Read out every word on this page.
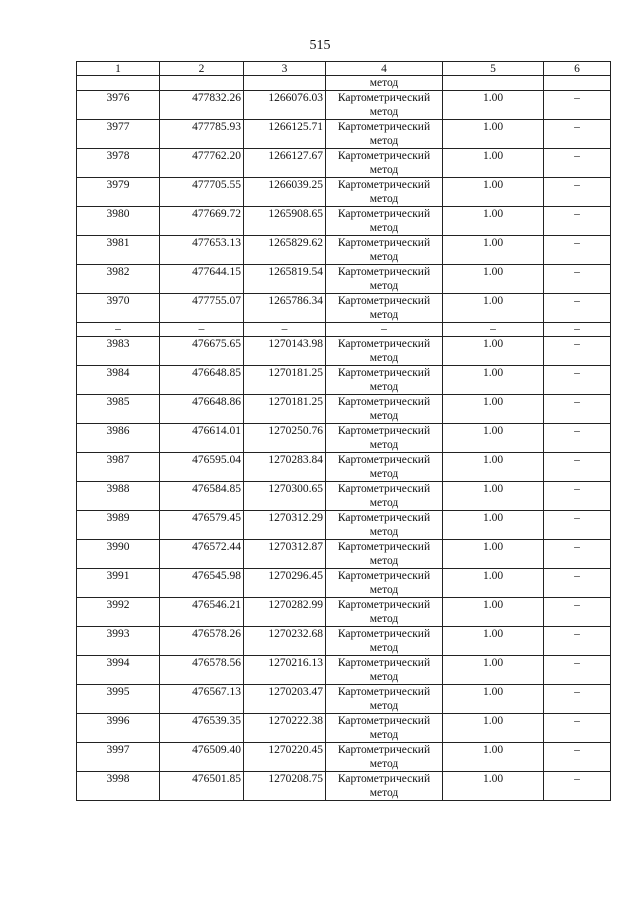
515
1	2	3	4	5	6
			метод		
3976	477832.26	1266076.03	Картометрический
метод	1.00	–
3977	477785.93	1266125.71	Картометрический
метод	1.00	–
3978	477762.20	1266127.67	Картометрический
метод	1.00	–
3979	477705.55	1266039.25	Картометрический
метод	1.00	–
3980	477669.72	1265908.65	Картометрический
метод	1.00	–
3981	477653.13	1265829.62	Картометрический
метод	1.00	–
3982	477644.15	1265819.54	Картометрический
метод	1.00	–
3970	477755.07	1265786.34	Картометрический
метод	1.00	–
–	–	–	–	–	–
3983	476675.65	1270143.98	Картометрический
метод	1.00	–
3984	476648.85	1270181.25	Картометрический
метод	1.00	–
3985	476648.86	1270181.25	Картометрический
метод	1.00	–
3986	476614.01	1270250.76	Картометрический
метод	1.00	–
3987	476595.04	1270283.84	Картометрический
метод	1.00	–
3988	476584.85	1270300.65	Картометрический
метод	1.00	–
3989	476579.45	1270312.29	Картометрический
метод	1.00	–
3990	476572.44	1270312.87	Картометрический
метод	1.00	–
3991	476545.98	1270296.45	Картометрический
метод	1.00	–
3992	476546.21	1270282.99	Картометрический
метод	1.00	–
3993	476578.26	1270232.68	Картометрический
метод	1.00	–
3994	476578.56	1270216.13	Картометрический
метод	1.00	–
3995	476567.13	1270203.47	Картометрический
метод	1.00	–
3996	476539.35	1270222.38	Картометрический
метод	1.00	–
3997	476509.40	1270220.45	Картометрический
метод	1.00	–
3998	476501.85	1270208.75	Картометрический
метод	1.00	–
